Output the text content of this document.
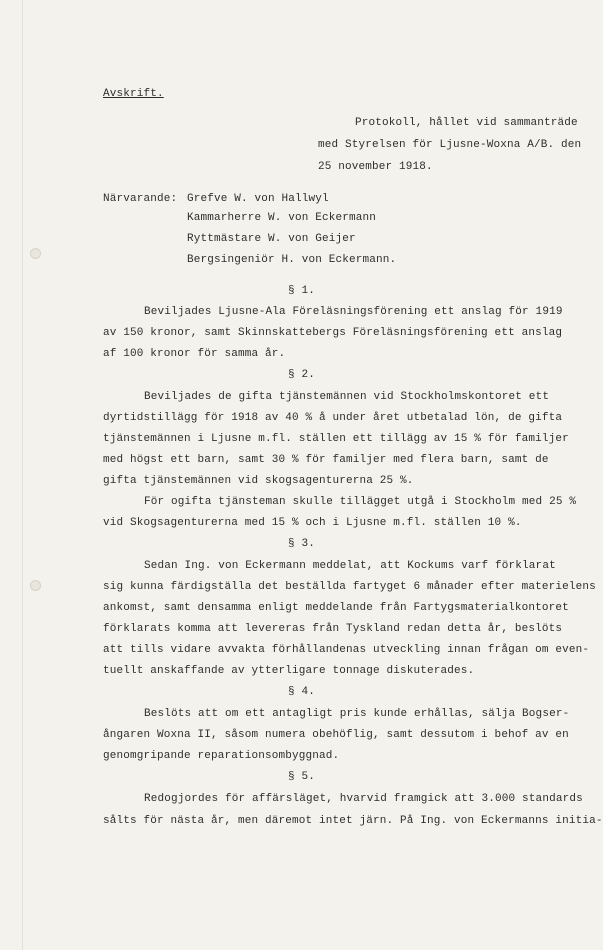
Avskrift.
Protokoll, hållet vid sammanträde
med Styrelsen för Ljusne-Woxna A/B. den
25 november 1918.
Närvarande: Grefve W. von Hallwyl
Kammarherre W. von Eckermann
Ryttmästare W. von Geijer
Bergsingeniör H. von Eckermann.
§ 1.
Beviljades Ljusne-Ala Föreläsningsförening ett anslag för 1919
av 150 kronor, samt Skinnskattebergs Föreläsningsförening ett anslag
af 100 kronor för samma år.
§ 2.
Beviljades de gifta tjänstemännen vid Stockholmskontoret ett
dyrtidstillägg för 1918 av 40 % å under året utbetalad lön, de gifta
tjänstemännen i Ljusne m.fl. ställen ett tillägg av 15 % för familjer
med högst ett barn, samt 30 % för familjer med flera barn, samt de
gifta tjänstemännen vid skogsagenturerna 25 %.
För ogifta tjänsteman skulle tillägget utgå i Stockholm med 25 %
vid Skogsagenturerna med 15 % och i Ljusne m.fl. ställen 10 %.
§ 3.
Sedan Ing. von Eckermann meddelat, att Kockums varf förklarat
sig kunna färdigställa det beställda fartyget 6 månader efter materielens
ankomst, samt densamma enligt meddelande från Fartygsmaterialkontoret
förklarats komma att levereras från Tyskland redan detta år, beslöts
att tills vidare avvakta förhållandenas utveckling innan frågan om even-
tuellt anskaffande av ytterligare tonnage diskuterades.
§ 4.
Beslöts att om ett antagligt pris kunde erhållas, sälja Bogser-
ångaren Woxna II, såsom numera obehöflig, samt dessutom i behof av en
genomgripande reparationsombyggnad.
§ 5.
Redogjordes för affärsläget, hvarvid framgick att 3.000 standards
sålts för nästa år, men däremot intet järn. På Ing. von Eckermanns initia-
